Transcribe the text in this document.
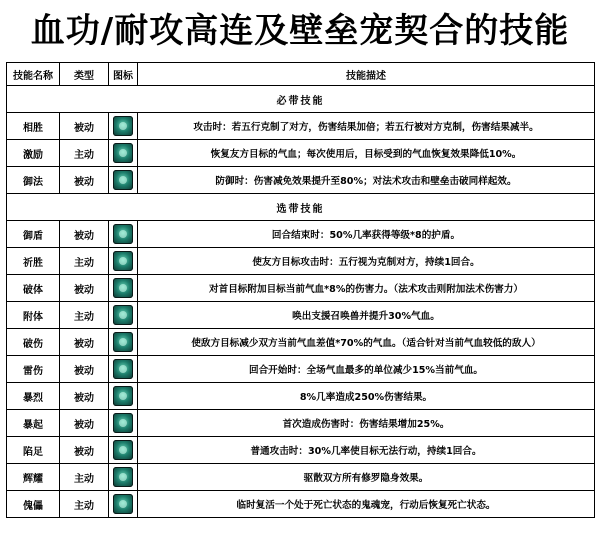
血功/耐攻高连及壁垒宠契合的技能
技能名称	类型	图标	技能描述
必带技能			
相胜	被动		攻击时：若五行克制了对方，伤害结果加倍；若五行被对方克制，伤害结果减半。
激励	主动		恢复友方目标的气血；每次使用后，目标受到的气血恢复效果降低10%。
御法	被动		防御时：伤害减免效果提升至80%；对法术攻击和壁垒击破同样起效。
选带技能			
御盾	被动		回合结束时：50%几率获得等级*8的护盾。
祈胜	主动		使友方目标攻击时：五行视为克制对方，持续1回合。
破体	被动		对首目标附加目标当前气血*8%的伤害力。（法术攻击则附加法术伤害力）
附体	主动		唤出支援召唤兽并提升30%气血。
破伤	被动		使敌方目标减少双方当前气血差值*70%的气血。（适合针对当前气血较低的敌人）
雷伤	被动		回合开始时：全场气血最多的单位减少15%当前气血。
暴烈	被动		8%几率造成250%伤害结果。
暴起	被动		首次造成伤害时：伤害结果增加25%。
陷足	被动		普通攻击时：30%几率使目标无法行动，持续1回合。
辉耀	主动		驱散双方所有修罗隐身效果。
傀儡	主动		临时复活一个处于死亡状态的鬼魂宠，行动后恢复死亡状态。
